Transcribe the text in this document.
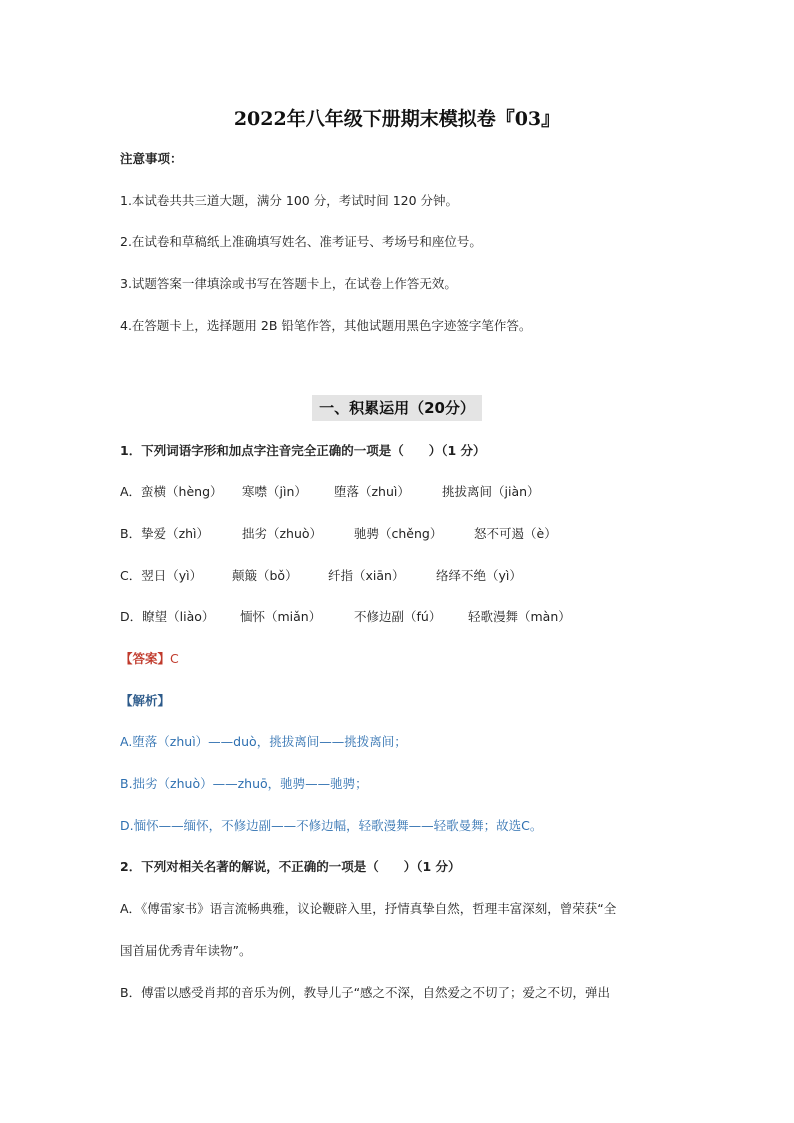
2022年八年级下册期末模拟卷『03』
注意事项：
1.本试卷共共三道大题，满分 100 分，考试时间 120 分钟。
2.在试卷和草稿纸上准确填写姓名、准考证号、考场号和座位号。
3.试题答案一律填涂或书写在答题卡上，在试卷上作答无效。
4.在答题卡上，选择题用 2B 铅笔作答，其他试题用黑色字迹签字笔作答。
一、积累运用（20分）
1．下列词语字形和加点字注音完全正确的一项是（　　）（1 分）
A．蛮横（hèng） 寒噤（jìn） 堕落（zhuì）	挑拔离间（jiàn）
B．挚爱（zhì）	拙劣（zhuò）	驰骋（chěng）	怒不可遏（è）
C．翌日（yì） 颠簸（bǒ） 纤指（xiān）	络绎不绝（yì）
D．瞭望（liào） 愐怀（miǎn）	不修边副（fú） 轻歌漫舞（màn）
【答案】C
【解析】
A.堕落（zhuì）——duò，挑拔离间——挑拨离间；
B.拙劣（zhuò）——zhuō，驰骋——驰骋；
D.愐怀——缅怀，不修边副——不修边幅，轻歌漫舞——轻歌曼舞；故选C。
2．下列对相关名著的解说，不正确的一项是（　　）（1 分）
A．《傅雷家书》语言流畅典雅，议论鞭辟入里，抒情真挚自然，哲理丰富深刻，曾荣获“全
国首届优秀青年读物”。
B．傅雷以感受肖邦的音乐为例，教导儿子“感之不深，自然爱之不切了；爱之不切，弹出
